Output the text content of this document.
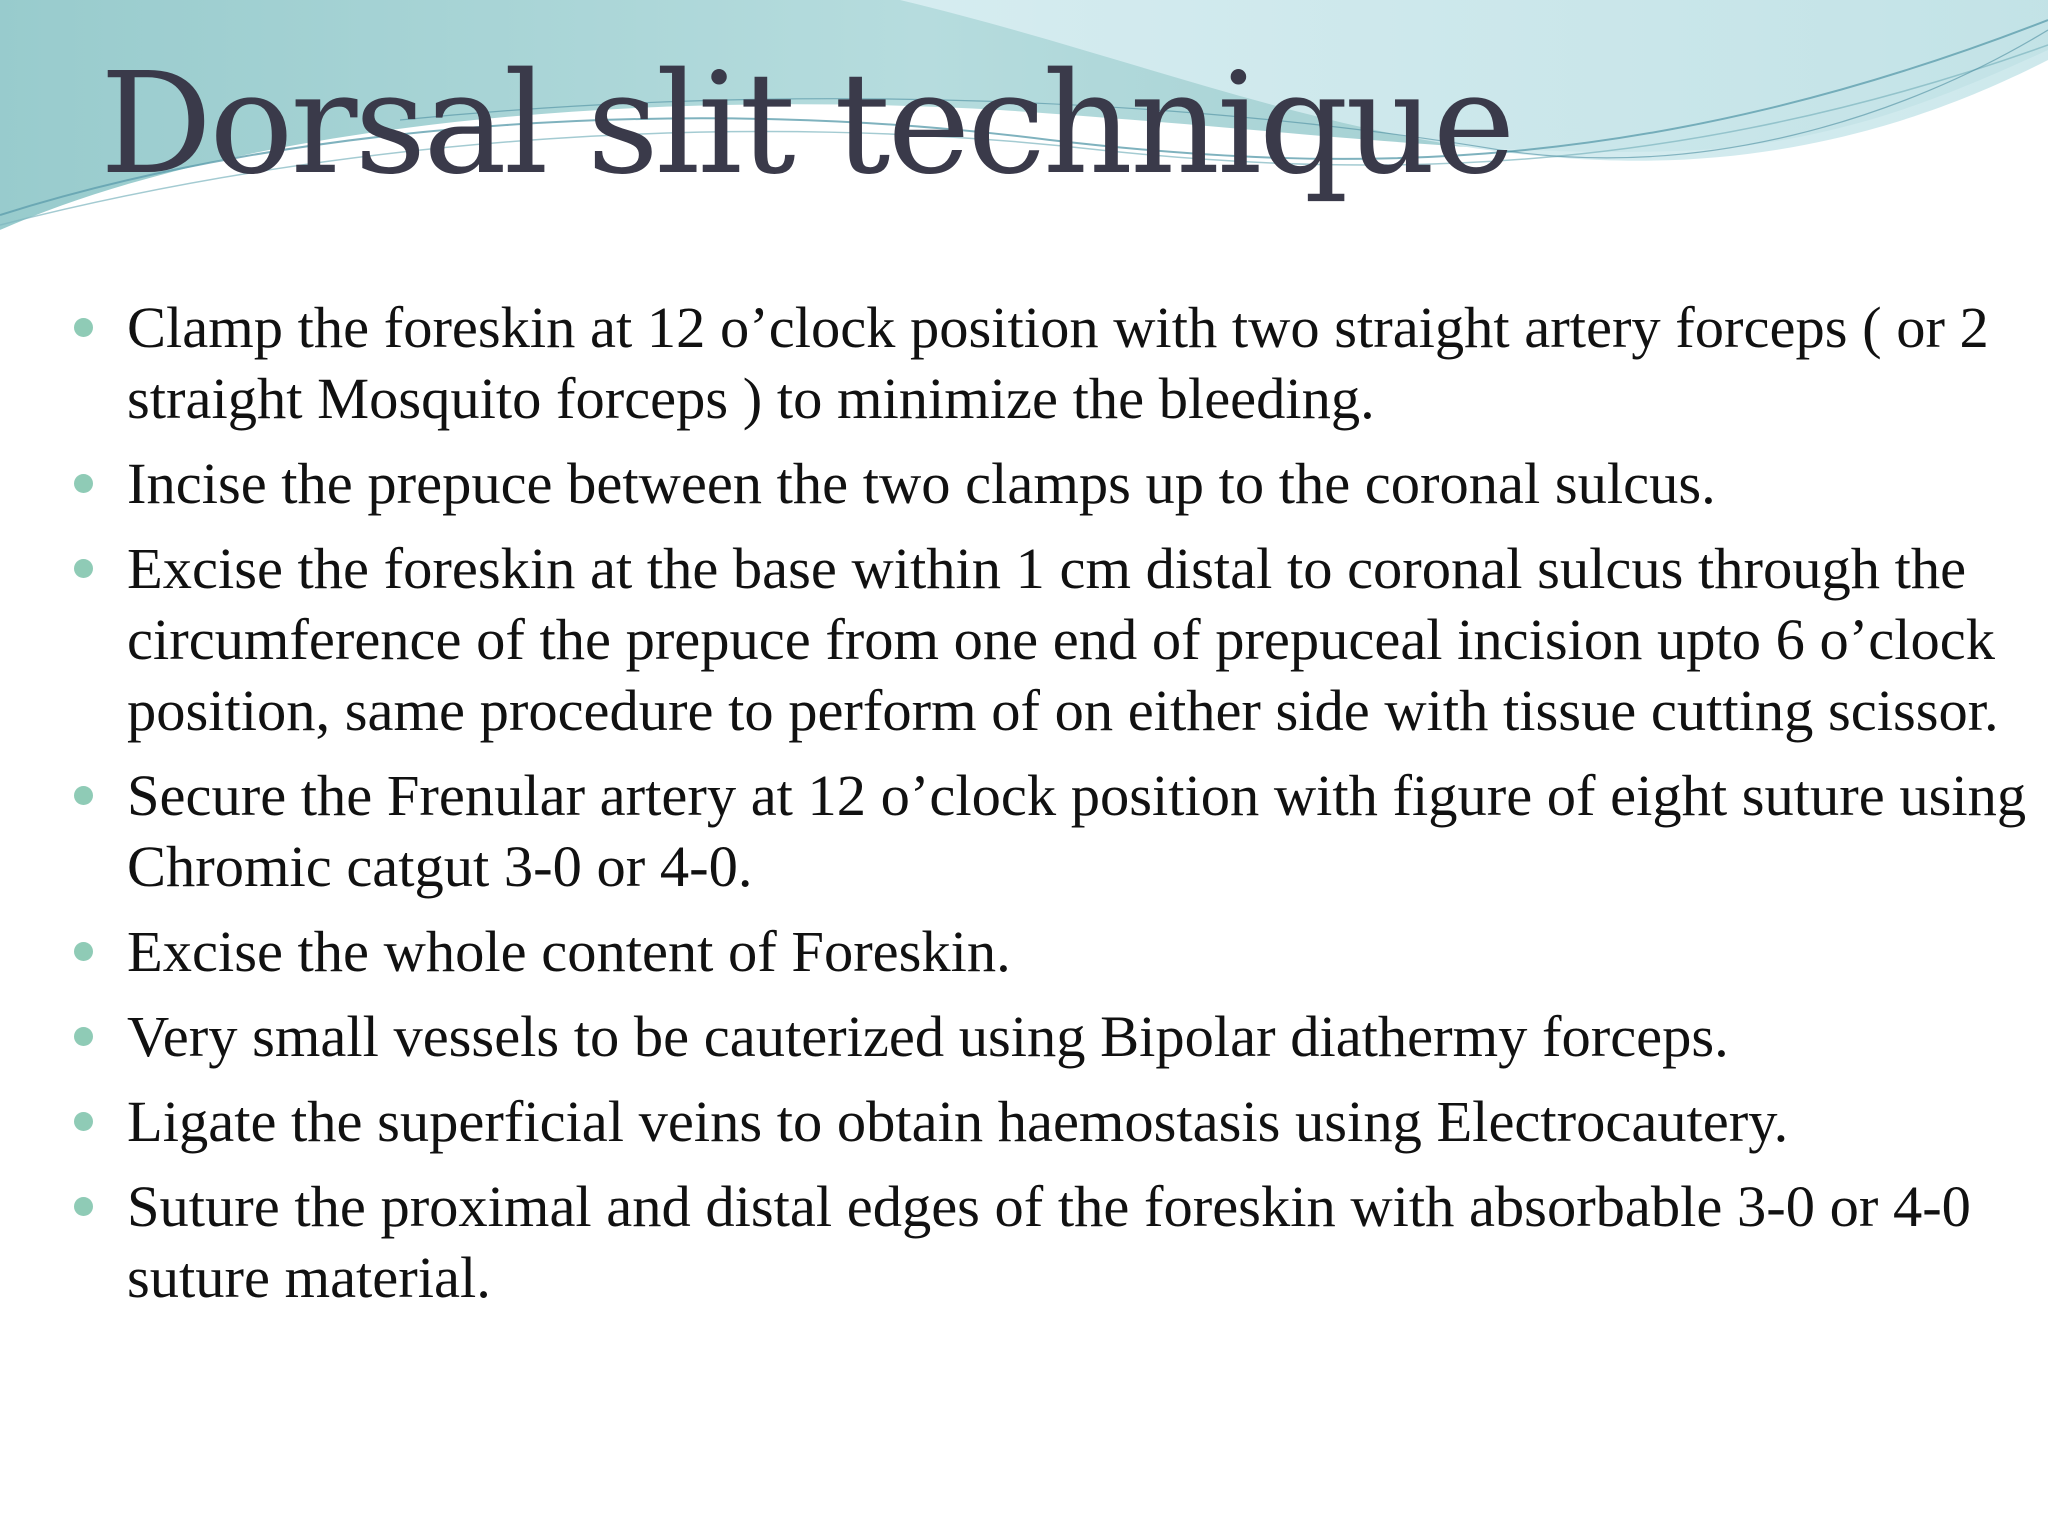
Dorsal slit technique
Clamp the foreskin at 12 o’clock position with two straight artery forceps ( or 2 straight Mosquito forceps ) to minimize the bleeding.
Incise the prepuce between the two clamps up to the coronal sulcus.
Excise the foreskin at the base within 1 cm distal to coronal sulcus through the circumference of the prepuce from one end of prepuceal incision upto 6 o’clock position, same procedure to perform of on either side with tissue cutting scissor.
Secure the Frenular artery at 12 o’clock position with figure of eight suture using Chromic catgut 3-0 or 4-0.
Excise the whole content of Foreskin.
Very small vessels to be cauterized using Bipolar diathermy forceps.
Ligate the superficial veins to obtain haemostasis using Electrocautery.
Suture the proximal and distal edges of the foreskin with absorbable 3-0 or 4-0 suture material.
